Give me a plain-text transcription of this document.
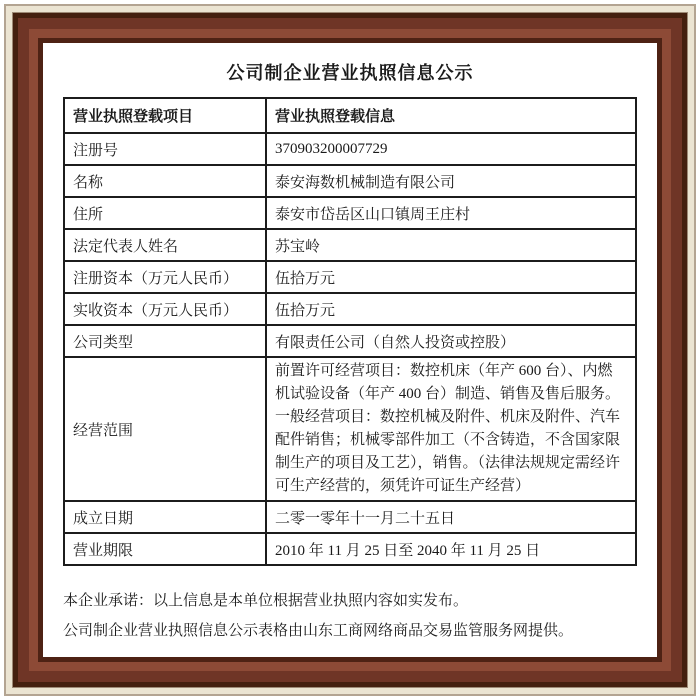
公司制企业营业执照信息公示
营业执照登载项目	营业执照登载信息
注册号	370903200007729
名称	泰安海数机械制造有限公司
住所	泰安市岱岳区山口镇周王庄村
法定代表人姓名	苏宝岭
注册资本（万元人民币）	伍拾万元
实收资本（万元人民币）	伍拾万元
公司类型	有限责任公司（自然人投资或控股）
经营范围	前置许可经营项目：数控机床（年产 600 台）、内燃机试验设备（年产 400 台）制造、销售及售后服务。一般经营项目：数控机械及附件、机床及附件、汽车配件销售；机械零部件加工（不含铸造，不含国家限制生产的项目及工艺），销售。（法律法规规定需经许可生产经营的，须凭许可证生产经营）
成立日期	二零一零年十一月二十五日
营业期限	2010 年 11 月 25 日至 2040 年 11 月 25 日

本企业承诺：以上信息是本单位根据营业执照内容如实发布。

公司制企业营业执照信息公示表格由山东工商网络商品交易监管服务网提供。
